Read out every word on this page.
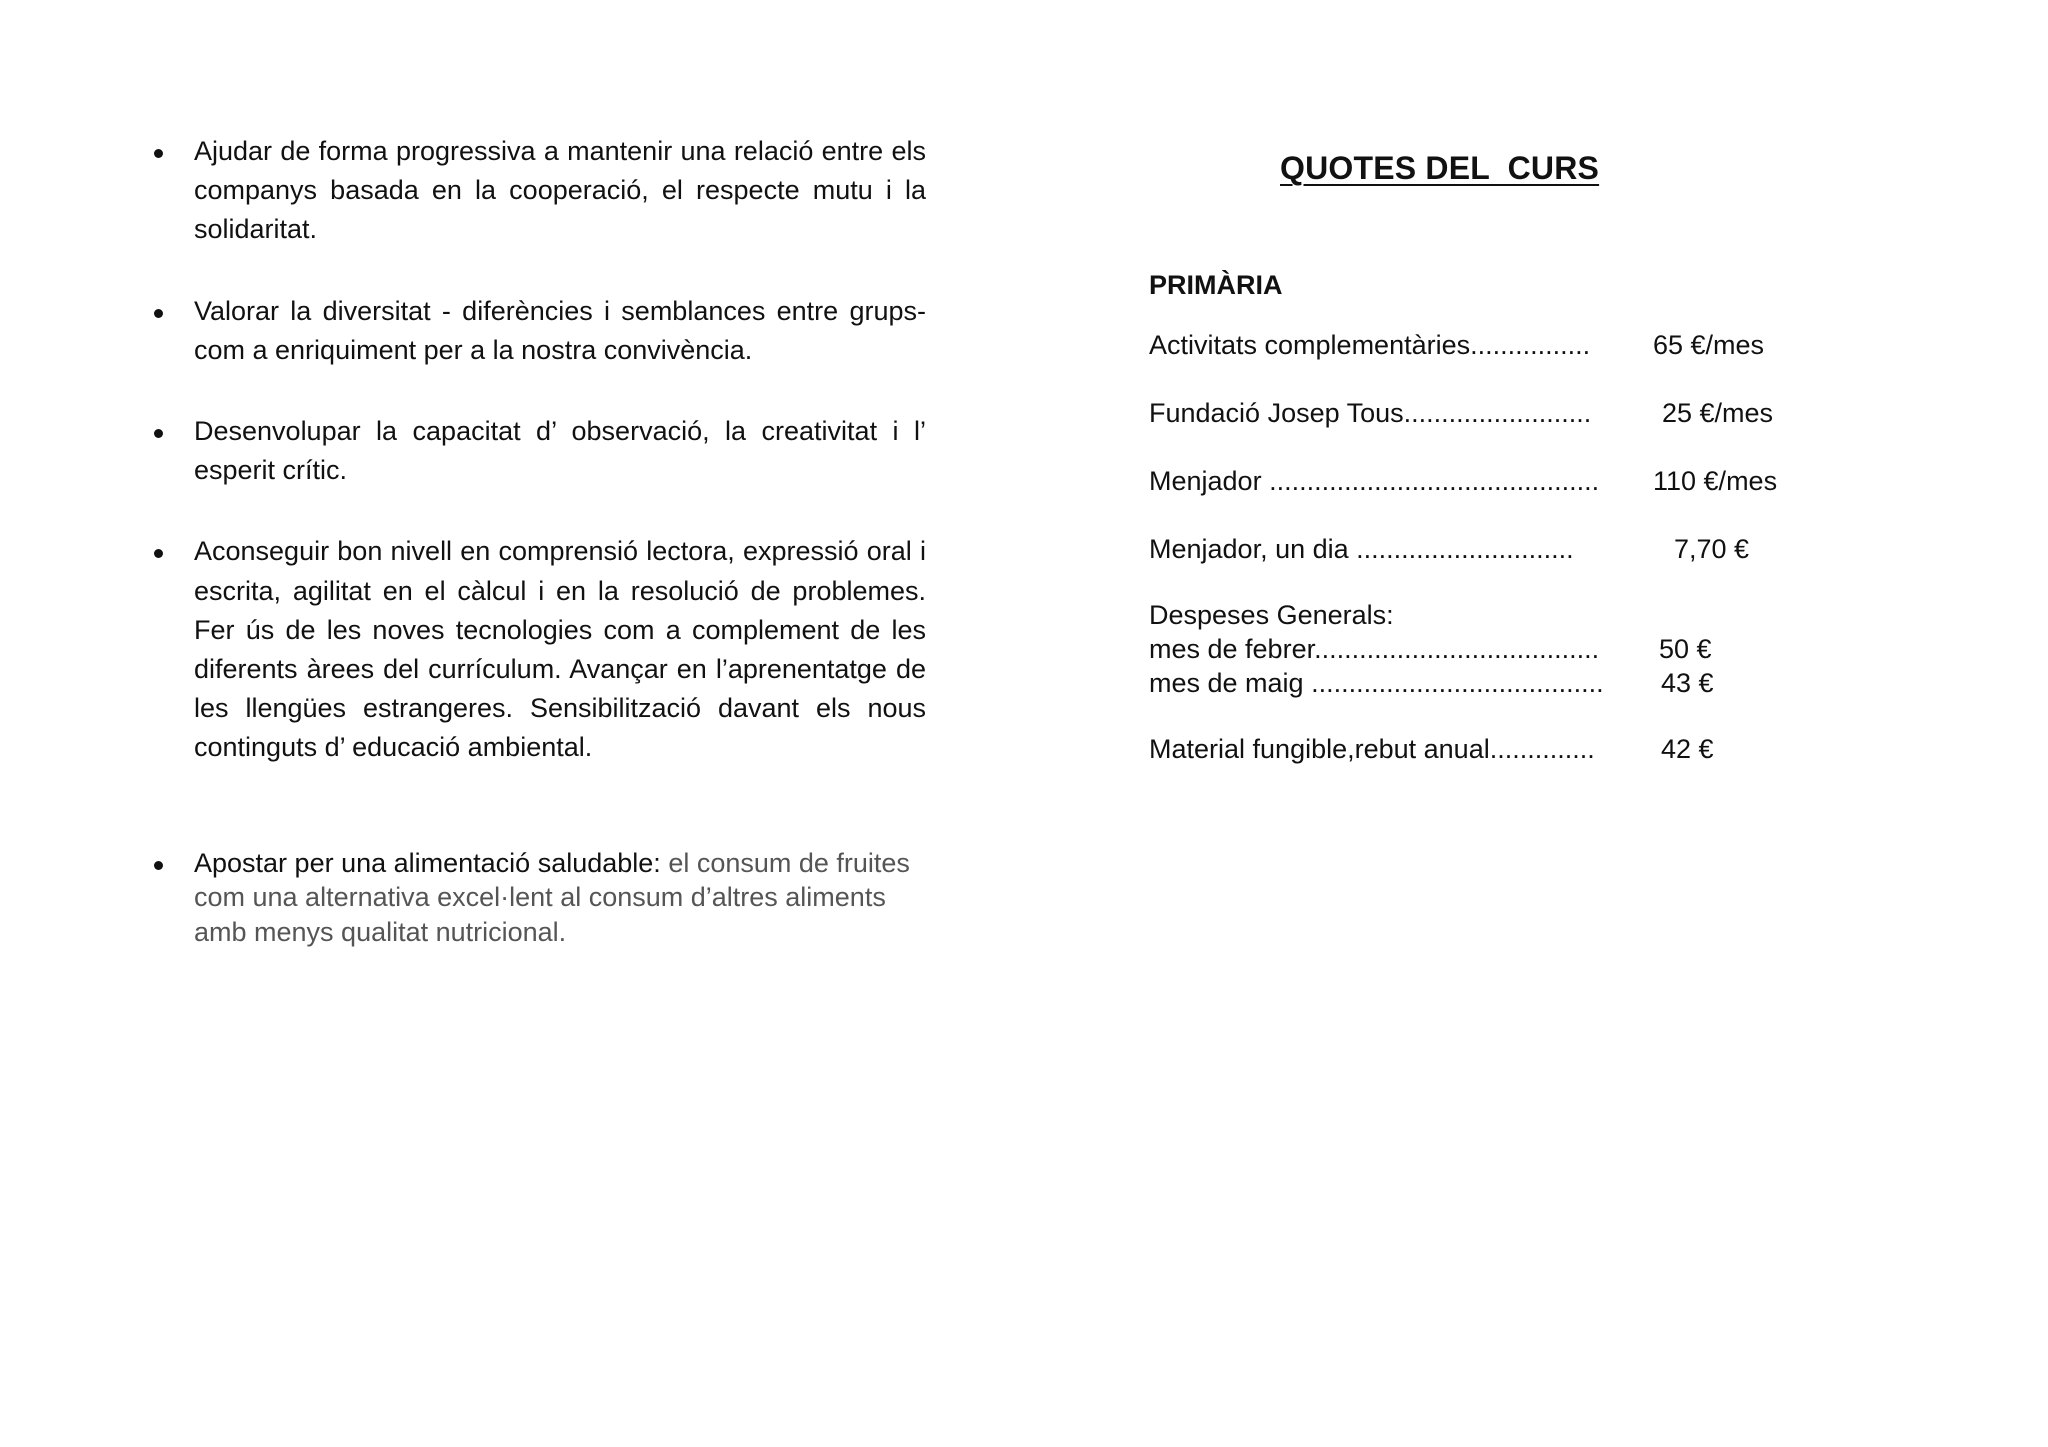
Ajudar de forma progressiva a mantenir una relació entre els companys basada en la cooperació, el respecte mutu i la solidaritat.
Valorar la diversitat - diferències i semblances entre grups- com a enriquiment per a la nostra convivència.
Desenvolupar la capacitat d’ observació, la creativitat i l’ esperit crític.
Aconseguir bon nivell en comprensió lectora, expressió oral i escrita, agilitat en el càlcul i en la resolució de problemes. Fer ús de les noves tecnologies com a complement de les diferents àrees del currículum. Avançar en l’aprenentatge de les llengües estrangeres. Sensibilització davant els nous continguts d’ educació ambiental.
Apostar per una alimentació saludable: el consum de fruites com una alternativa excel·lent al consum d’altres aliments amb menys qualitat nutricional.
QUOTES DEL  CURS
PRIMÀRIA
Activitats complementàries................ 65 €/mes
Fundació Josep Tous.........................	25 €/mes
Menjador ............................................ 110 €/mes
Menjador, un dia .............................	7,70 €
Despeses Generals:
mes de febrer...................................... 50 €
mes de maig ....................................... 43 €
Material fungible,rebut anual.............. 42 €
